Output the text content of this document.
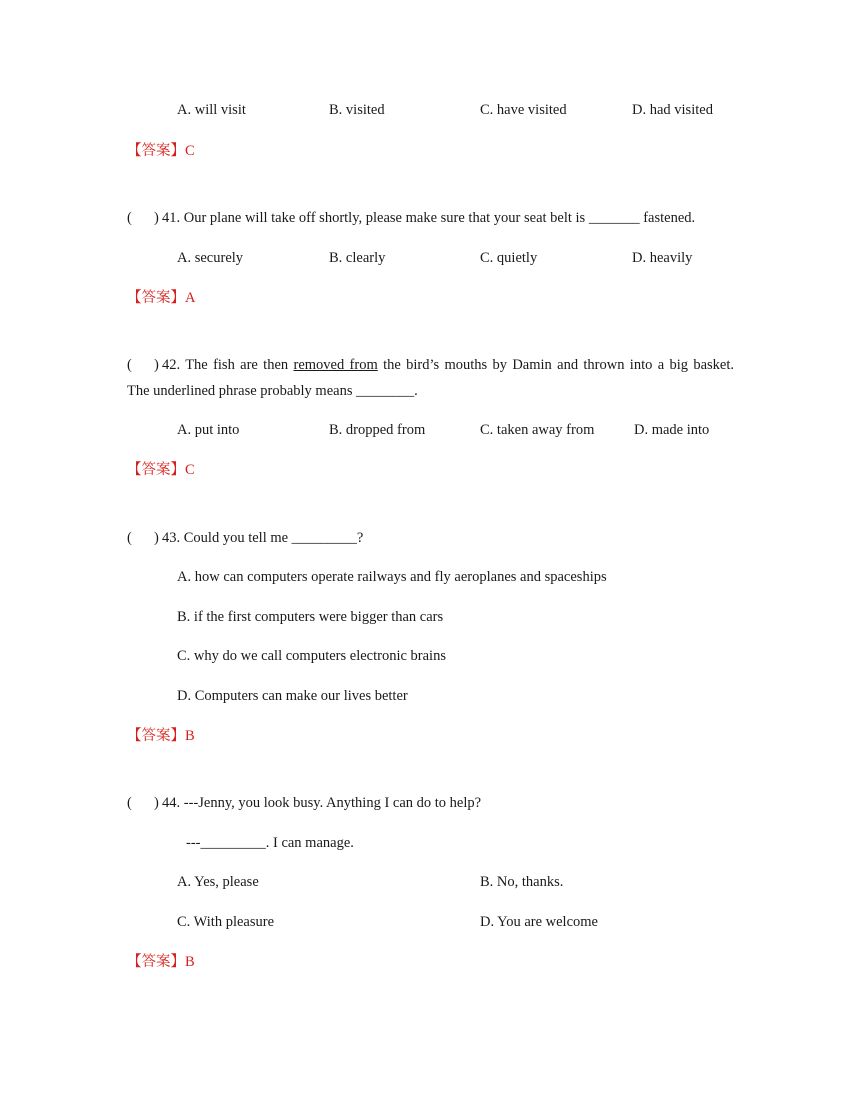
A. will visit	B. visited	C. have visited	D. had visited
【答案】C
( ) 41. Our plane will take off shortly, please make sure that your seat belt is _______ fastened.
A. securely	B. clearly	C. quietly	D. heavily
【答案】A
( ) 42. The fish are then removed from the bird’s mouths by Damin and thrown into a big basket.
The underlined phrase probably means ________.
A. put into	B. dropped from	C. taken away from	D. made into
【答案】C
( ) 43. Could you tell me _________?
A. how can computers operate railways and fly aeroplanes and spaceships
B. if the first computers were bigger than cars
C. why do we call computers electronic brains
D. Computers can make our lives better
【答案】B
( ) 44. ---Jenny, you look busy. Anything I can do to help?
---_________. I can manage.
A. Yes, please	B. No, thanks.
C. With pleasure	D. You are welcome
【答案】B
